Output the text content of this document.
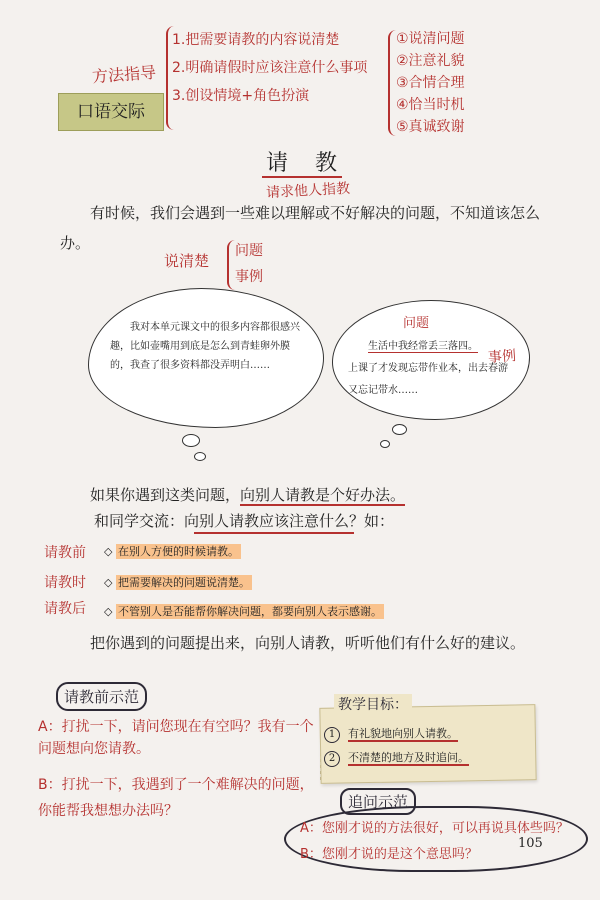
方法指导
1.把需要请教的内容说清楚
2.明确请假时应该注意什么事项
3.创设情境+角色扮演
①说清问题
②注意礼貌
③合情合理
④恰当时机
⑤真诚致谢
口语交际
请 教
请求他人指教
有时候，我们会遇到一些难以理解或不好解决的问题，不知道该怎么办。
说清楚
问题
事例
我对本单元课文中的很多内容都很感兴趣，比如壶嘴用到底是怎么到青蛙卵外膜的，我查了很多资料都没弄明白……
生活中我经常丢三落四。
上课了才发现忘带作业本，出去春游又忘记带水……
问题
事例
如果你遇到这类问题，向别人请教是个好办法。
和同学交流：向别人请教应该注意什么？如：
请教前 ◇ 在别人方便的时候请教。
请教时 ◇ 把需要解决的问题说清楚。
请教后 ◇ 不管别人是否能帮你解决问题，都要向别人表示感谢。
把你遇到的问题提出来，向别人请教，听听他们有什么好的建议。
请教前示范
A：打扰一下，请问您现在有空吗？我有一个问题想向您请教。
B：打扰一下，我遇到了一个难解决的问题，你能帮我想想办法吗？
教学目标：
1 有礼貌地向别人请教。
2 不清楚的地方及时追问。
追问示范
A：您刚才说的方法很好，可以再说具体些吗？
B：您刚才说的是这个意思吗？
105
